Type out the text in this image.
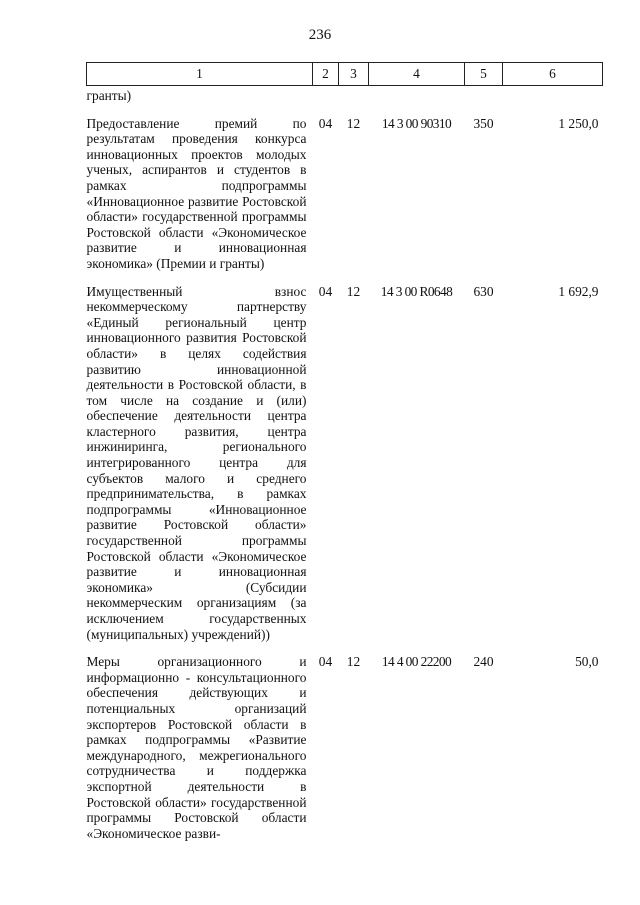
236
1	2	3	4	5	6
гранты)					
Предоставление премий по результатам проведения конкурса инновационных проектов молодых ученых, аспирантов и студентов в рамках подпрограммы «Инновационное развитие Ростовской области» государственной программы Ростовской области «Экономическое развитие и инновационная экономика» (Премии и гранты)	04	12	14 3 00 90310	350	1 250,0
Имущественный взнос некоммерческому партнерству «Единый региональный центр инновационного развития Ростовской области» в целях содействия развитию инновационной деятельности в Ростовской области, в том числе на создание и (или) обеспечение деятельности центра кластерного развития, центра инжиниринга, регионального интегрированного центра для субъектов малого и среднего предпринимательства, в рамках подпрограммы «Инновационное развитие Ростовской области» государственной программы Ростовской области «Экономическое развитие и инновационная экономика» (Субсидии некоммерческим организациям (за исключением государственных (муниципальных) учреждений))	04	12	14 3 00 R0648	630	1 692,9
Меры организационного и информационно - консультационного обеспечения действующих и потенциальных организаций экспортеров Ростовской области в рамках подпрограммы «Развитие международного, межрегионального сотрудничества и поддержка экспортной деятельности в Ростовской области» государственной программы Ростовской области «Экономическое разви-	04	12	14 4 00 22200	240	50,0
